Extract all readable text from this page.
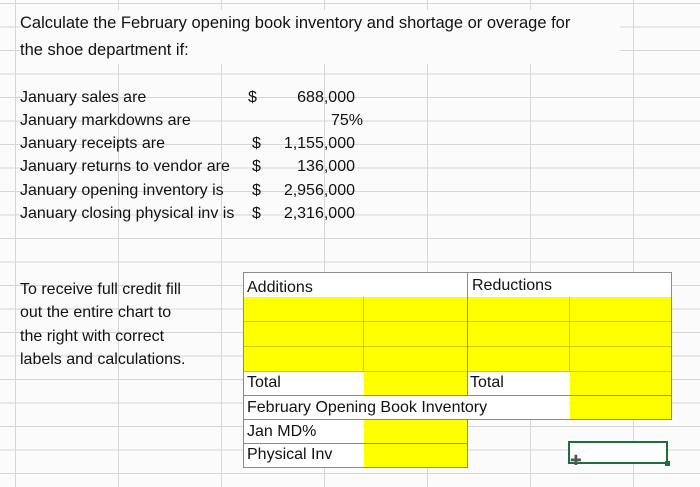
Calculate the February opening book inventory and shortage or overage for
the shoe department if:
January sales are	$	688,000
January markdowns are	75%
January receipts are	$	1,155,000
January returns to vendor are $	136,000
January opening inventory is $	2,956,000
January closing physical inv is $	2,316,000
To receive full credit fill
out the entire chart to
the right with correct
labels and calculations.
Additions	Reductions
Total	Total
February Opening Book Inventory
Jan MD%
Physical Inv	✚
